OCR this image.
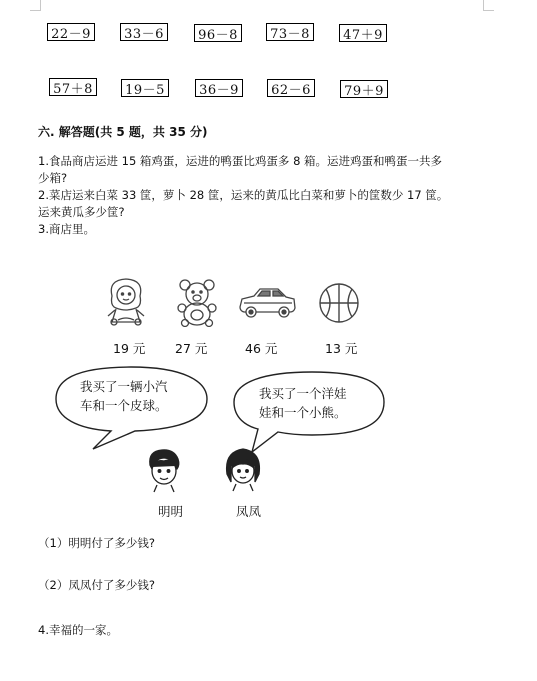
22－9	33－6	96－8	73－8	47＋9
57＋8	19－5	36－9	62－6	79＋9
六. 解答题(共 5 题，共 35 分)
1.食品商店运进 15 箱鸡蛋，运进的鸭蛋比鸡蛋多 8 箱。运进鸡蛋和鸭蛋一共多
少箱?
2.菜店运来白菜 33 筐，萝卜 28 筐，运来的黄瓜比白菜和萝卜的筐数少 17 筐。
运来黄瓜多少筐?
3.商店里。
19 元 27 元	46 元	13 元
我买了一辆小汽
车和一个皮球。
我买了一个洋娃
娃和一个小熊。
明明	凤凤
（1）明明付了多少钱?
（2）凤凤付了多少钱?
4.幸福的一家。
